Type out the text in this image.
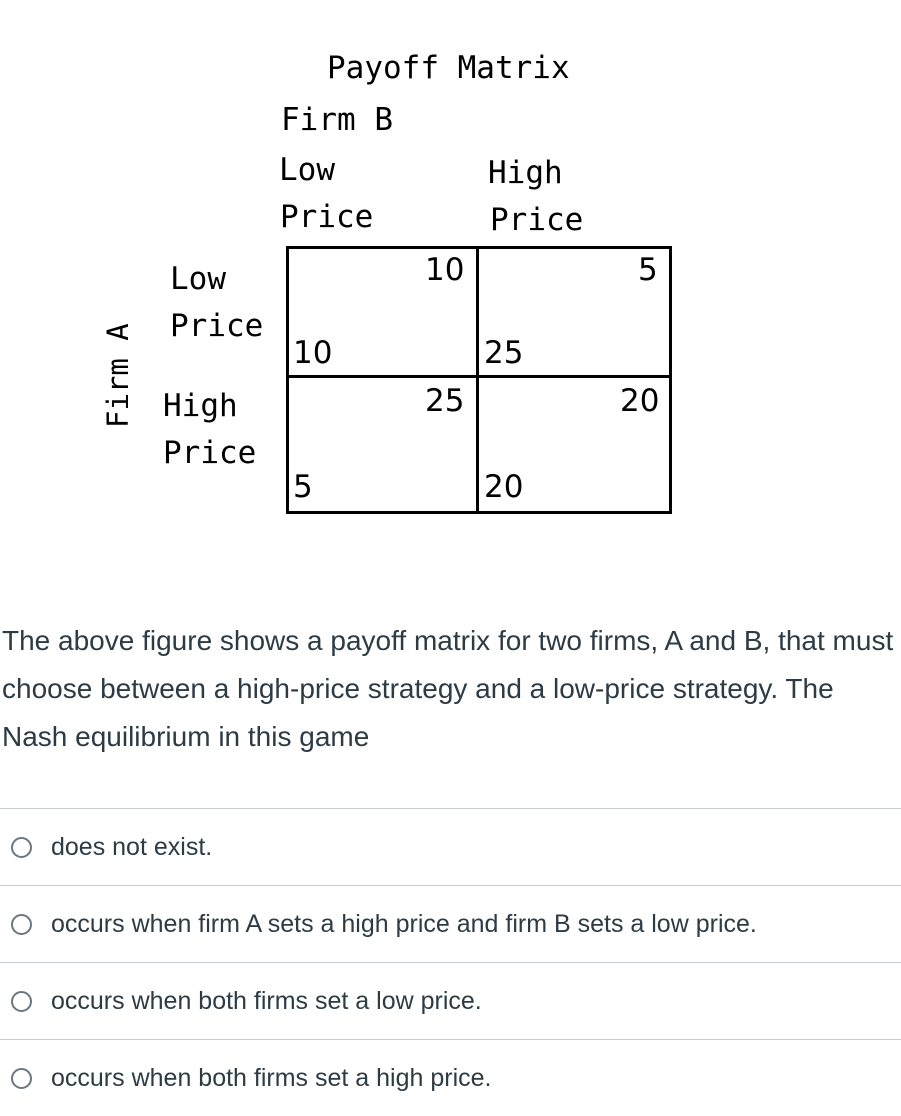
Payoff Matrix
Firm B
Low
Price
High
Price
Firm A
Low
Price
High
Price
10
10
5
25
25
5
20
20
The above figure shows a payoff matrix for two firms, A and B, that must choose between a high-price strategy and a low-price strategy. The Nash equilibrium in this game
does not exist.
occurs when firm A sets a high price and firm B sets a low price.
occurs when both firms set a low price.
occurs when both firms set a high price.
